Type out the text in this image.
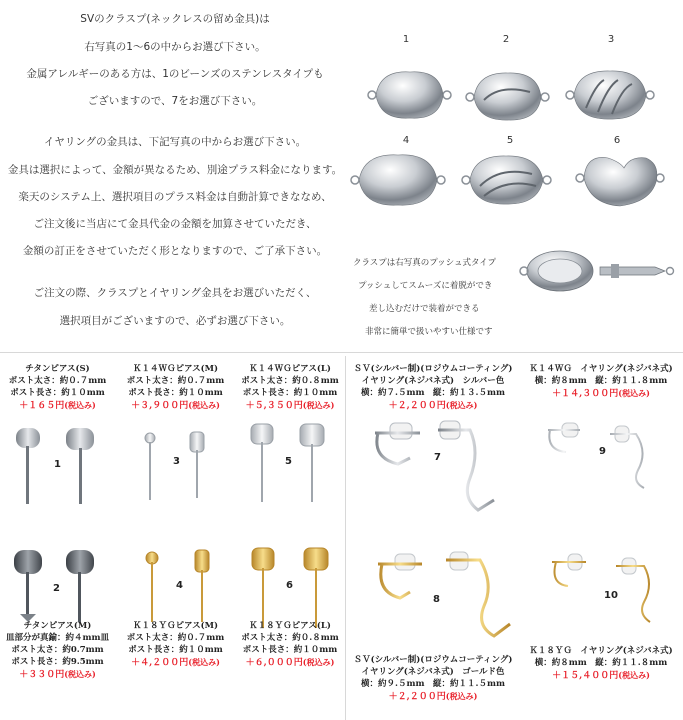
SVのクラスプ(ネックレスの留め金具)は
右写真の1〜6の中からお選び下さい。
金属アレルギーのある方は、1のビーンズのステンレスタイプも
ございますので、7をお選び下さい。
イヤリングの金具は、下記写真の中からお選び下さい。
金具は選択によって、金額が異なるため、別途プラス料金になります。
楽天のシステム上、選択項目のプラス料金は自動計算できななめ、
ご注文後に当店にて金具代金の金額を加算させていただき、
金額の訂正をさせていただく形となりますので、ご了承下さい。
ご注文の際、クラスプとイヤリング金具をお選びいただく、
選択項目がございますので、必ずお選び下さい。
1	2	3
4	5	6
クラスプは右写真のプッシュ式タイプ
プッシュしてスムーズに着脱ができ
差し込むだけで装着ができる
非常に簡単で扱いやすい仕様です
チタンピアス(S)
ポスト太さ：約０.７mm
ポスト長さ：約１０mm
＋１６５円(税込み)
Ｋ１４ＷＧピアス(M)
ポスト太さ：約０.７mm
ポスト長さ：約１０mm
＋３,９００円(税込み)
Ｋ１４ＷＧピアス(L)
ポスト太さ：約０.８mm
ポスト長さ：約１０mm
＋５,３５０円(税込み)
ＳＶ(シルバー制)(ロジウムコーティング)
イヤリング(ネジバネ式)　シルバー色
横：約７.５mm　縦：約１３.５mm
＋２,２００円(税込み)
Ｋ１４ＷＧ　イヤリング(ネジバネ式)
横：約８mm　縦：約１１.８mm
＋１４,３００円(税込み)
1	3	5	7
9
2	4	6
8	10
チタンピアス(M)
皿部分が真鍮：約４mm皿
ポスト太さ：約0.7mm
ポスト長さ：約9.5mm
＋３３０円(税込み)
Ｋ１８ＹＧピアス(M)
ポスト太さ：約０.７mm
ポスト長さ：約１０mm
＋４,２００円(税込み)
Ｋ１８ＹＧピアス(L)
ポスト太さ：約０.８mm
ポスト長さ：約１０mm
＋６,０００円(税込み)	ＳＶ(シルバー制)(ロジウムコーティング)
イヤリング(ネジバネ式)　ゴールド色
横：約９.５mm　縦：約１１.５mm
＋２,２００円(税込み)
Ｋ１８ＹＧ　イヤリング(ネジバネ式)
横：約８mm　縦：約１１.８mm
＋１５,４００円(税込み)
